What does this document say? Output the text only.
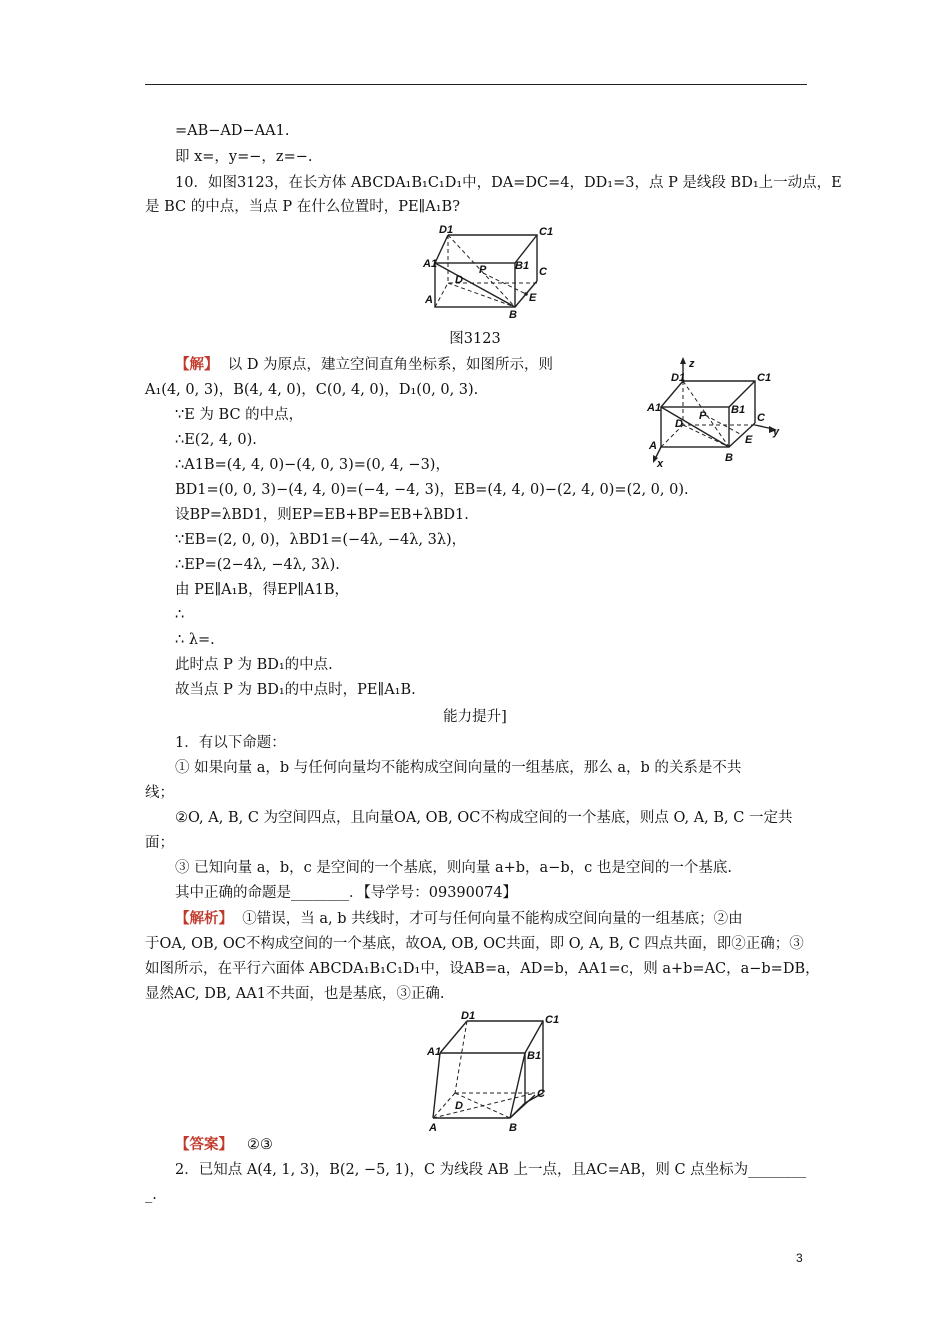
=AB−AD−AA1.
即 x=，y=−，z=−.
10．如图3123，在长方体 ABCDA₁B₁C₁D₁中，DA=DC=4，DD₁=3，点 P 是线段 BD₁上一动点，E
是 BC 的中点，当点 P 在什么位置时，PE∥A₁B?
D1	C1
A1	B1
P	C
D
E
A
B
图3123
【解】 以 D 为原点，建立空间直角坐标系，如图所示，则
A₁(4, 0, 3)，B(4, 4, 0)，C(0, 4, 0)，D₁(0, 0, 3).
∵E 为 BC 的中点，
∴E(2, 4, 0).
∴A1B=(4, 4, 0)−(4, 0, 3)=(0, 4, −3)，
BD1=(0, 0, 3)−(4, 4, 0)=(−4, −4, 3)，EB=(4, 4, 0)−(2, 4, 0)=(2, 0, 0).
设BP=λBD1，则EP=EB+BP=EB+λBD1.
∵EB=(2, 0, 0)，λBD1=(−4λ, −4λ, 3λ)，
∴EP=(2−4λ, −4λ, 3λ).
由 PE∥A₁B，得EP∥A1B，
∴
∴ λ=.
此时点 P 为 BD₁的中点.
故当点 P 为 BD₁的中点时，PE∥A₁B.
z
D1	C1
A1	B1
P	C
y
D
E
A
B
x
能力提升]
1．有以下命题：
① 如果向量 a，b 与任何向量均不能构成空间向量的一组基底，那么 a，b 的关系是不共
线；
②O, A, B, C 为空间四点，且向量OA, OB, OC不构成空间的一个基底，则点 O, A, B, C 一定共
面；
③ 已知向量 a，b，c 是空间的一个基底，则向量 a+b，a−b，c 也是空间的一个基底.
其中正确的命题是________．【导学号：09390074】
【解析】 ①错误，当 a, b 共线时，才可与任何向量不能构成空间向量的一组基底；②由
于OA, OB, OC不构成空间的一个基底，故OA, OB, OC共面，即 O, A, B, C 四点共面，即②正确；③
如图所示，在平行六面体 ABCDA₁B₁C₁D₁中，设AB=a，AD=b，AA1=c，则 a+b=AC，a−b=DB，
显然AC, DB, AA1不共面，也是基底，③正确.
D1	C1
A1	B1
D
C
A	B
【答案】 ②③
2．已知点 A(4, 1, 3)，B(2, −5, 1)，C 为线段 AB 上一点，且AC=AB，则 C 点坐标为________
_.
3
